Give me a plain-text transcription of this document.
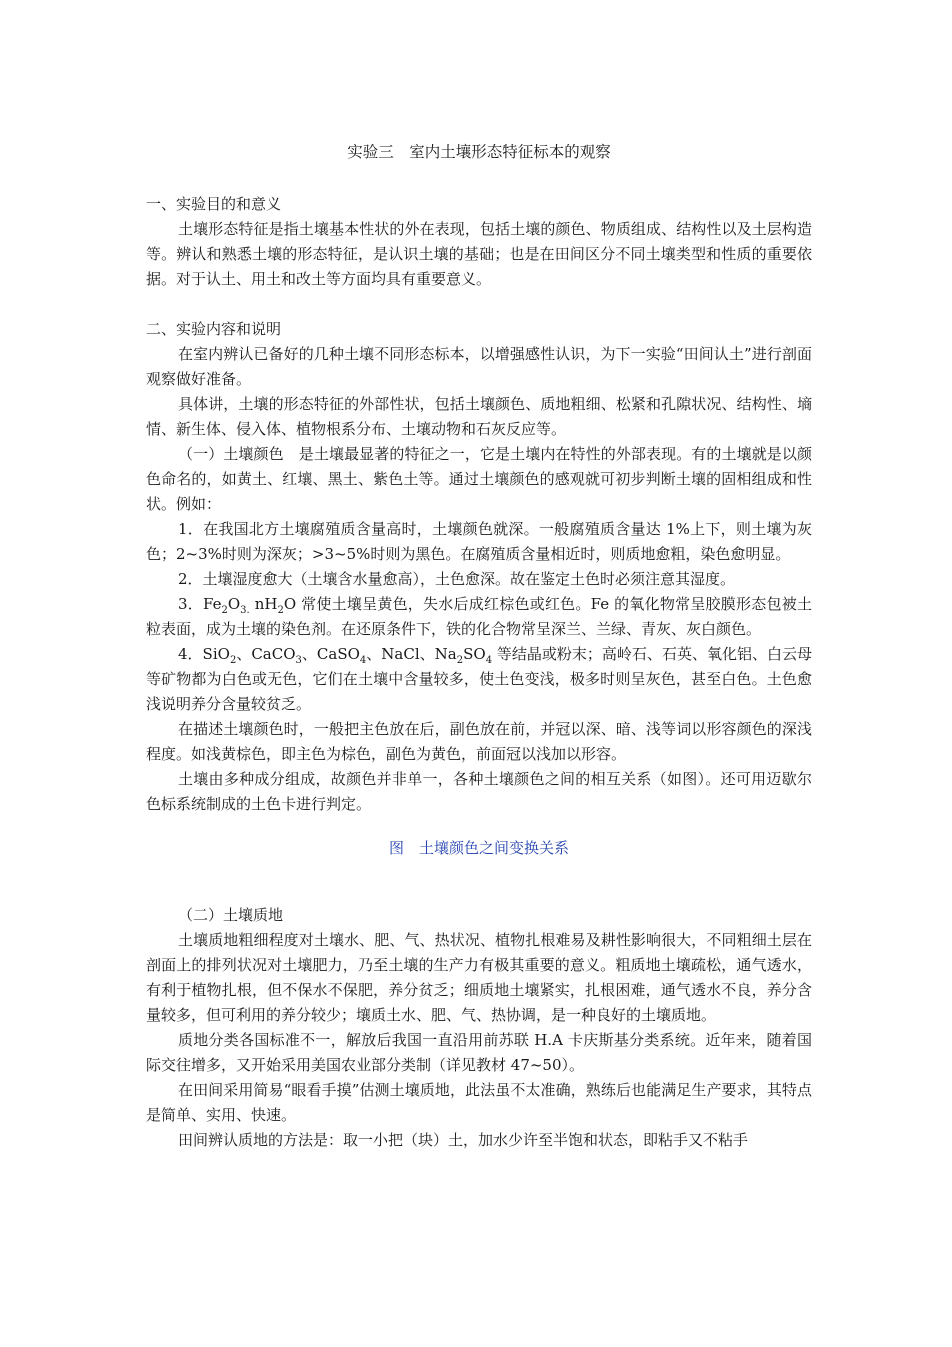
实验三　室内土壤形态特征标本的观察

一、实验目的和意义

土壤形态特征是指土壤基本性状的外在表现，包括土壤的颜色、物质组成、结构性以及土层构造等。辨认和熟悉土壤的形态特征，是认识土壤的基础；也是在田间区分不同土壤类型和性质的重要依据。对于认土、用土和改土等方面均具有重要意义。

二、实验内容和说明

在室内辨认已备好的几种土壤不同形态标本，以增强感性认识，为下一实验“田间认土”进行剖面观察做好准备。

具体讲，土壤的形态特征的外部性状，包括土壤颜色、质地粗细、松紧和孔隙状况、结构性、墒情、新生体、侵入体、植物根系分布、土壤动物和石灰反应等。

（一）土壤颜色　是土壤最显著的特征之一，它是土壤内在特性的外部表现。有的土壤就是以颜色命名的，如黄土、红壤、黑土、紫色土等。通过土壤颜色的感观就可初步判断土壤的固相组成和性状。例如：

1．在我国北方土壤腐殖质含量高时，土壤颜色就深。一般腐殖质含量达 1%上下，则土壤为灰色；2~3%时则为深灰；>3~5%时则为黑色。在腐殖质含量相近时，则质地愈粗，染色愈明显。

2．土壤湿度愈大（土壤含水量愈高），土色愈深。故在鉴定土色时必须注意其湿度。

3．$Fe_2O_{3.}$ $nH_2O$ 常使土壤呈黄色，失水后成红棕色或红色。Fe 的氧化物常呈胶膜形态包被土粒表面，成为土壤的染色剂。在还原条件下，铁的化合物常呈深兰、兰绿、青灰、灰白颜色。

4．SiO$_2$、CaCO$_3$、CaSO$_4$、NaCl、$Na_2SO_4$ 等结晶或粉末；高岭石、石英、氧化铝、白云母等矿物都为白色或无色，它们在土壤中含量较多，使土色变浅，极多时则呈灰色，甚至白色。土色愈浅说明养分含量较贫乏。

在描述土壤颜色时，一般把主色放在后，副色放在前，并冠以深、暗、浅等词以形容颜色的深浅程度。如浅黄棕色，即主色为棕色，副色为黄色，前面冠以浅加以形容。

土壤由多种成分组成，故颜色并非单一，各种土壤颜色之间的相互关系（如图）。还可用迈歇尔色标系统制成的土色卡进行判定。

图　土壤颜色之间变换关系

（二）土壤质地

土壤质地粗细程度对土壤水、肥、气、热状况、植物扎根难易及耕性影响很大，不同粗细土层在剖面上的排列状况对土壤肥力，乃至土壤的生产力有极其重要的意义。粗质地土壤疏松，通气透水，有利于植物扎根，但不保水不保肥，养分贫乏；细质地土壤紧实，扎根困难，通气透水不良，养分含量较多，但可利用的养分较少；壤质土水、肥、气、热协调，是一种良好的土壤质地。

质地分类各国标准不一，解放后我国一直沿用前苏联 H.A 卡庆斯基分类系统。近年来，随着国际交往增多，又开始采用美国农业部分类制（详见教材 47~50）。

在田间采用简易“眼看手摸”估测土壤质地，此法虽不太准确，熟练后也能满足生产要求，其特点是简单、实用、快速。

田间辨认质地的方法是：取一小把（块）土，加水少许至半饱和状态，即粘手又不粘手
